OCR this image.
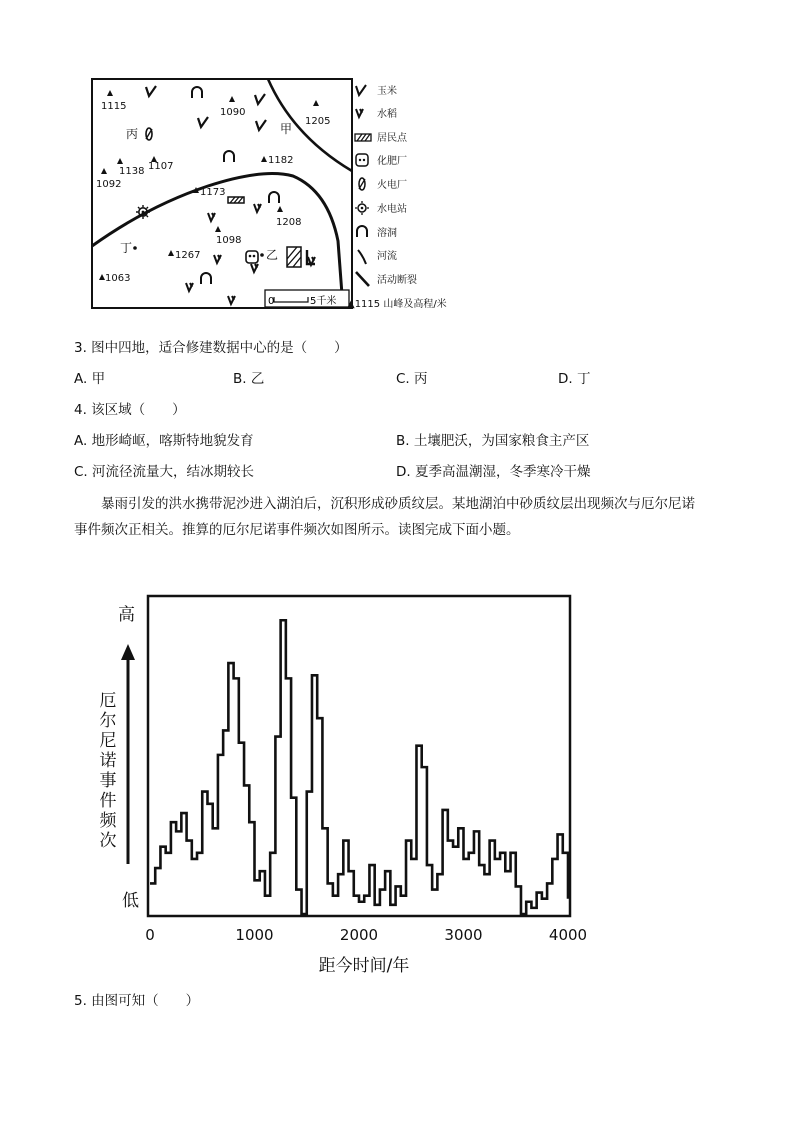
1115
1090
1205
1138 1107
1182
1092
1173
1208
1098
1267
1063
甲
丙
丁	乙
0	5千米
玉米
水稻
居民点
化肥厂
火电厂
水电站
溶洞
河流
活动断裂
▲1115 山峰及高程/米
3. 图中四地，适合修建数据中心的是（　　）
A. 甲	B. 乙	C. 丙	D. 丁
4. 该区域（　　）
A. 地形崎岖，喀斯特地貌发育	B. 土壤肥沃，为国家粮食主产区
C. 河流径流量大，结冰期较长	D. 夏季高温潮湿，冬季寒冷干燥
暴雨引发的洪水携带泥沙进入湖泊后，沉积形成砂质纹层。某地湖泊中砂质纹层出现频次与厄尔尼诺
事件频次正相关。推算的厄尔尼诺事件频次如图所示。读图完成下面小题。
高
低
厄尔尼诺事件频次
0	1000	2000	3000	4000
距今时间/年
5. 由图可知（　　）
